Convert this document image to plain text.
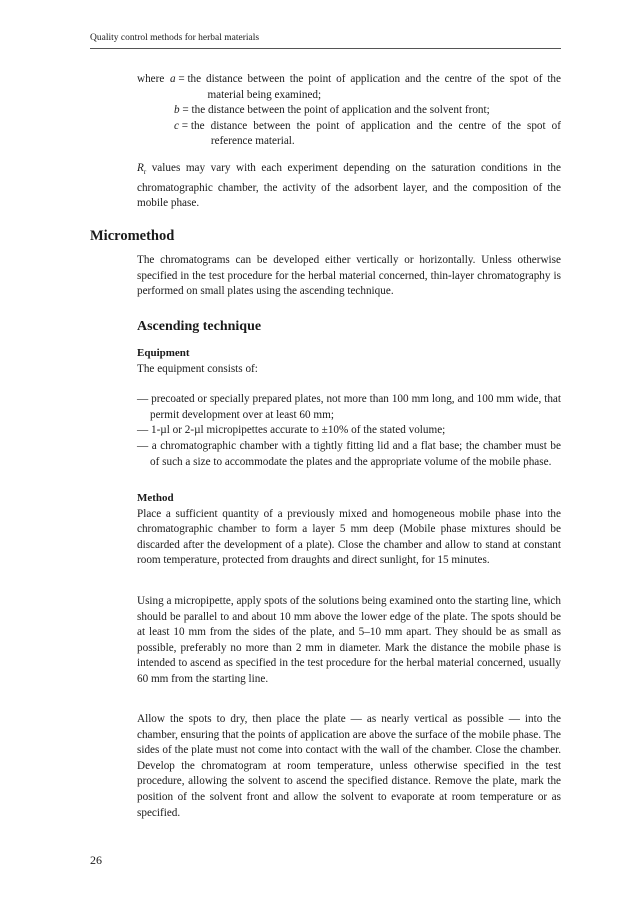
Quality control methods for herbal materials
where a = the distance between the point of application and the centre of the spot of the material being examined;
b = the distance between the point of application and the solvent front;
c = the distance between the point of application and the centre of the spot of reference material.

$R_r$ values may vary with each experiment depending on the saturation conditions in the chromatographic chamber, the activity of the adsorbent layer, and the composition of the mobile phase.

Micromethod

The chromatograms can be developed either vertically or horizontally. Unless otherwise specified in the test procedure for the herbal material concerned, thin-layer chromatography is performed on small plates using the ascending technique.

Ascending technique
Equipment
The equipment consists of:

— precoated or specially prepared plates, not more than 100 mm long, and 100 mm wide, that permit development over at least 60 mm;

— 1-µl or 2-µl micropipettes accurate to ±10% of the stated volume;

— a chromatographic chamber with a tightly fitting lid and a flat base; the chamber must be of such a size to accommodate the plates and the appropriate volume of the mobile phase.

Method

Place a sufficient quantity of a previously mixed and homogeneous mobile phase into the chromatographic chamber to form a layer 5 mm deep (Mobile phase mixtures should be discarded after the development of a plate). Close the chamber and allow to stand at constant room temperature, protected from draughts and direct sunlight, for 15 minutes.

Using a micropipette, apply spots of the solutions being examined onto the starting line, which should be parallel to and about 10 mm above the lower edge of the plate. The spots should be at least 10 mm from the sides of the plate, and 5–10 mm apart. They should be as small as possible, preferably no more than 2 mm in diameter. Mark the distance the mobile phase is intended to ascend as specified in the test procedure for the herbal material concerned, usually 60 mm from the starting line.

Allow the spots to dry, then place the plate — as nearly vertical as possible — into the chamber, ensuring that the points of application are above the surface of the mobile phase. The sides of the plate must not come into contact with the wall of the chamber. Close the chamber. Develop the chromatogram at room temperature, unless otherwise specified in the test procedure, allowing the solvent to ascend the specified distance. Remove the plate, mark the position of the solvent front and allow the solvent to evaporate at room temperature or as specified.

26
